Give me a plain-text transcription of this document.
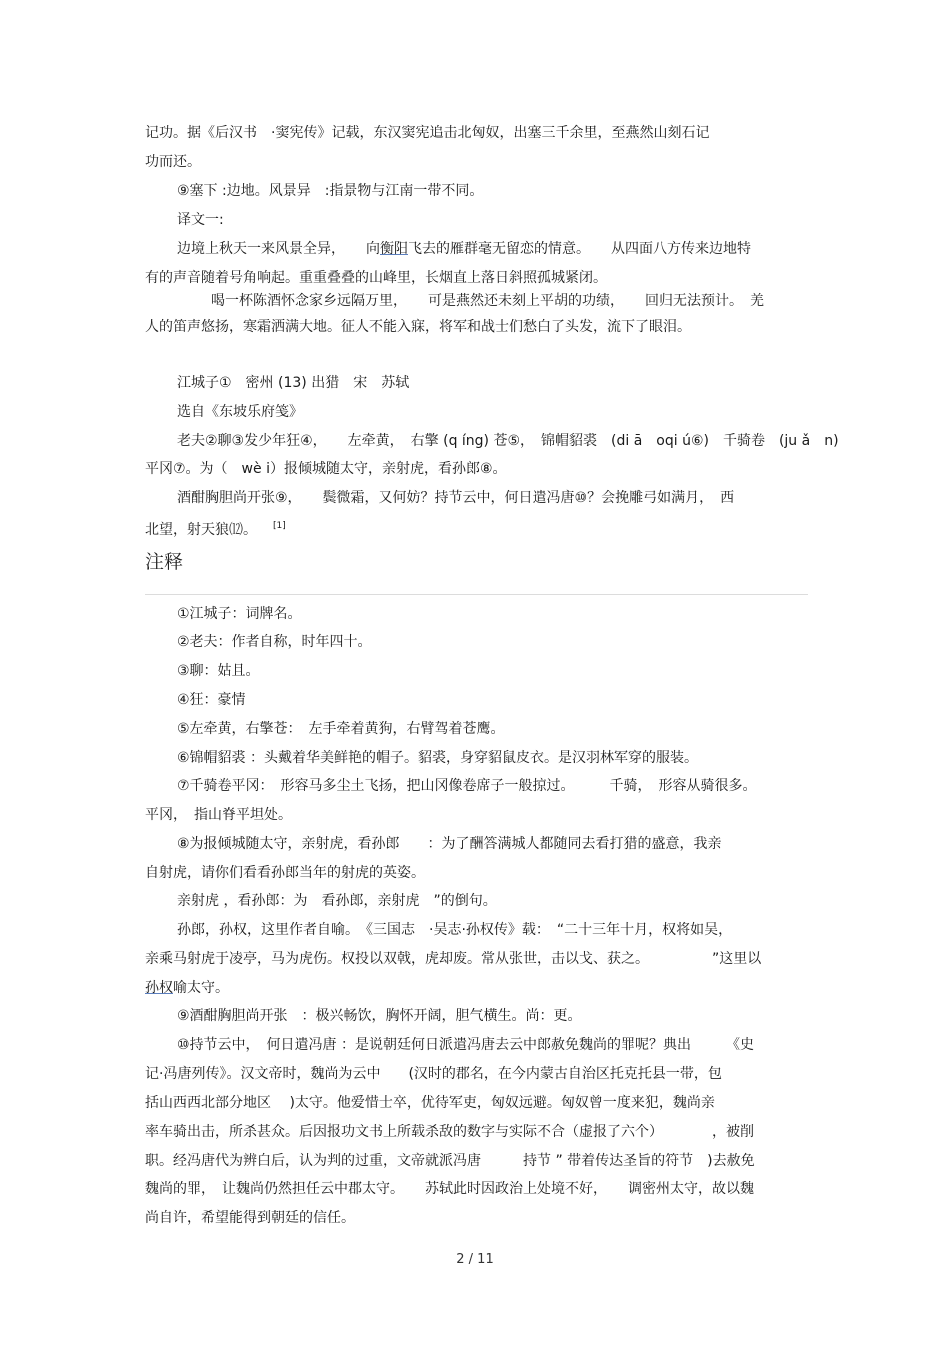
记功。据《后汉书　·窦宪传》记载，东汉窦宪追击北匈奴，出塞三千余里，至燕然山刻石记
功而还。
⑨塞下 :边地。风景异　:指景物与江南一带不同。
译文一:
边境上秋天一来风景全异，　　向衡阳飞去的雁群毫无留恋的情意。　　从四面八方传来边地特
有的声音随着号角响起。重重叠叠的山峰里，长烟直上落日斜照孤城紧闭。
喝一杯陈酒怀念家乡远隔万里，　　可是燕然还未刻上平胡的功绩，　　回归无法预计。　羌
人的笛声悠扬，寒霜洒满大地。征人不能入寐，将军和战士们愁白了头发，流下了眼泪。
江城子①　密州 (13) 出猎　宋　苏轼
选自《东坡乐府笺》
老夫②聊③发少年狂④，　　左牵黄，　右擎 (q íng) 苍⑤，　锦帽貂裘　(di ā　oqi ú⑥)　千骑卷　(ju ǎ　n)
平冈⑦。为（　wè i）报倾城随太守，亲射虎，看孙郎⑧。
酒酣胸胆尚开张⑨，　　鬓微霜，又何妨？持节云中，何日遣冯唐⑩？会挽雕弓如满月，　西
北望，射天狼⑿。 [1]
注释
①江城子：词牌名。
②老夫：作者自称，时年四十。
③聊：姑且。
④狂：豪情
⑤左牵黄，右擎苍：　左手牵着黄狗，右臂驾着苍鹰。
⑥锦帽貂裘 ：头戴着华美鲜艳的帽子。貂裘，身穿貂鼠皮衣。是汉羽林军穿的服装。
⑦千骑卷平冈：　形容马多尘土飞扬，把山冈像卷席子一般掠过。　　　千骑，　形容从骑很多。
平冈，　指山脊平坦处。
⑧为报倾城随太守，亲射虎，看孙郎　　：为了酬答满城人都随同去看打猎的盛意，我亲
自射虎，请你们看看孙郎当年的射虎的英姿。
亲射虎 ，看孙郎：为　看孙郎，亲射虎　”的倒句。
孙郎，孙权，这里作者自喻。　《三国志　·吴志·孙权传》载：　“二十三年十月，权将如吴，
亲乘马射虎于凌亭，马为虎伤。权投以双戟，虎却废。常从张世，击以戈、获之。　　　　　”这里以
孙权喻太守。
⑨酒酣胸胆尚开张　：极兴畅饮，胸怀开阔，胆气横生。尚：更。
⑩持节云中，　何日遣冯唐 ：是说朝廷何日派遣冯唐去云中郎赦免魏尚的罪呢？典出　　　《史
记·冯唐列传》。汉文帝时，魏尚为云中　　(汉时的郡名，在今内蒙古自治区托克托县一带，包
括山西西北部分地区　 )太守。他爱惜士卒，优待军吏，匈奴远避。匈奴曾一度来犯，魏尚亲
率车骑出击，所杀甚众。后因报功文书上所载杀敌的数字与实际不合（虚报了六个）　　　　，被削
职。经冯唐代为辨白后，认为判的过重，文帝就派冯唐　　　持节 ” 带着传达圣旨的符节　)去赦免
魏尚的罪，　让魏尚仍然担任云中郡太守。　　苏轼此时因政治上处境不好，　　调密州太守，故以魏
尚自许，希望能得到朝廷的信任。
2 / 11
